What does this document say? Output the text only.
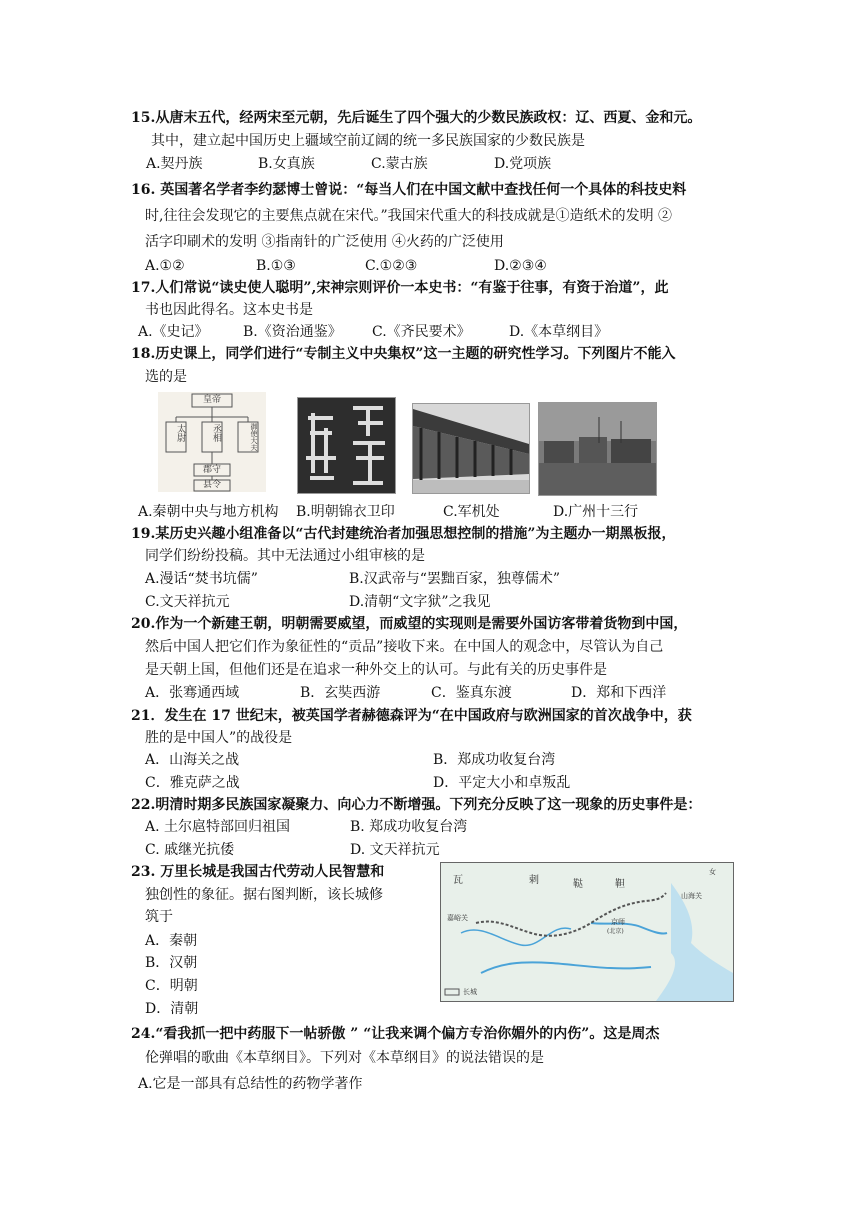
15.从唐末五代，经两宋至元朝，先后诞生了四个强大的少数民族政权：辽、西夏、金和元。
其中，建立起中国历史上疆域空前辽阔的统一多民族国家的少数民族是
A.契丹族	B.女真族	C.蒙古族	D.党项族
16. 英国著名学者李约瑟博士曾说：“每当人们在中国文献中查找任何一个具体的科技史料
时,往往会发现它的主要焦点就在宋代。”我国宋代重大的科技成就是①造纸术的发明 ②
活字印刷术的发明 ③指南针的广泛使用 ④火药的广泛使用
A.①②	B.①③	C.①②③	D.②③④
17.人们常说“读史使人聪明”,宋神宗则评价一本史书：“有鉴于往事，有资于治道”，此
书也因此得名。这本史书是
A.《史记》 B.《资治通鉴》 C.《齐民要术》	D.《本草纲目》
18.历史课上，同学们进行“专制主义中央集权”这一主题的研究性学习。下列图片不能入
选的是
皇帝
太尉	丞相	御使大夫
郡守
县令
A.秦朝中央与地方机构 B.明朝锦衣卫印	C.军机处	D.广州十三行
19.某历史兴趣小组准备以“古代封建统治者加强思想控制的措施”为主题办一期黑板报，
同学们纷纷投稿。其中无法通过小组审核的是
A.漫话“焚书坑儒”	B.汉武帝与“罢黜百家，独尊儒术”
C.文天祥抗元	D.清朝“文字狱”之我见
20.作为一个新建王朝，明朝需要威望，而威望的实现则是需要外国访客带着货物到中国，
然后中国人把它们作为象征性的“贡品”接收下来。在中国人的观念中，尽管认为自己
是天朝上国，但他们还是在追求一种外交上的认可。与此有关的历史事件是
A．张骞通西域	B．玄奘西游	C．鉴真东渡	D．郑和下西洋
21．发生在 17 世纪末，被英国学者赫德森评为“在中国政府与欧洲国家的首次战争中，获
胜的是中国人”的战役是
A．山海关之战	B．郑成功收复台湾
C．雅克萨之战	D．平定大小和卓叛乱
22.明清时期多民族国家凝聚力、向心力不断增强。下列充分反映了这一现象的历史事件是：
A. 土尔扈特部回归祖国	B. 郑成功收复台湾
C. 戚继光抗倭	D. 文天祥抗元
23. 万里长城是我国古代劳动人民智慧和
独创性的象征。据右图判断，该长城修
筑于
A．秦朝
B．汉朝
C．明朝
D．清朝
瓦	剌	鞑	靼
嘉峪关
山海关
京师
(北京)
女
长城
24.“看我抓一把中药服下一帖骄傲 ” “让我来调个偏方专治你媚外的内伤”。这是周杰
伦弹唱的歌曲《本草纲目》。下列对《本草纲目》的说法错误的是
A.它是一部具有总结性的药物学著作
